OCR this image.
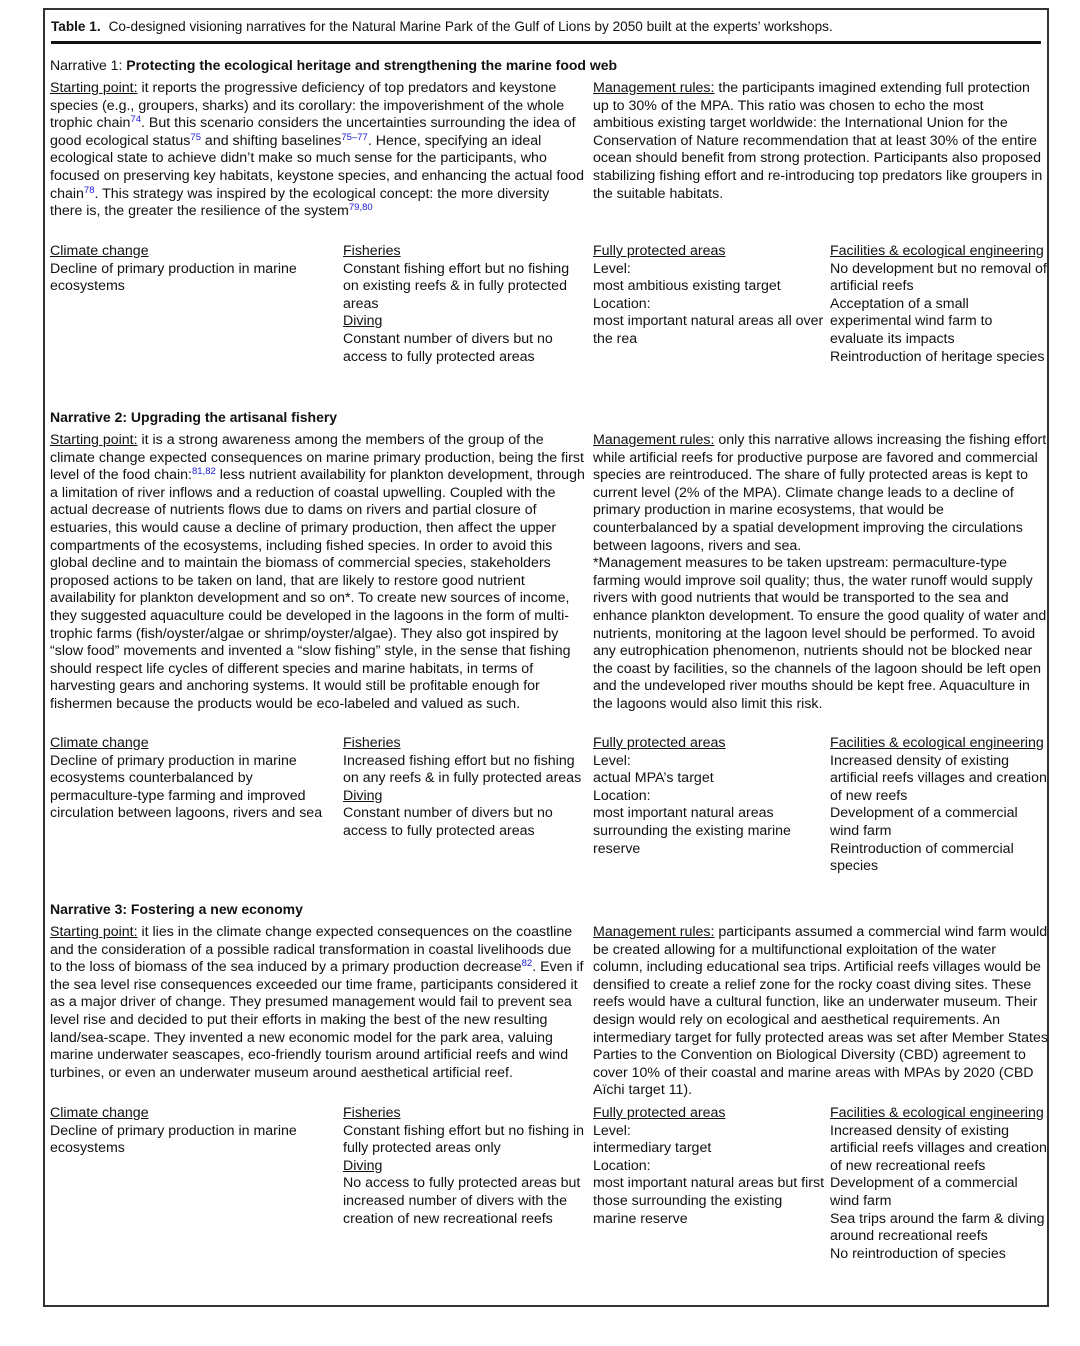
Table 1. Co-designed visioning narratives for the Natural Marine Park of the Gulf of Lions by 2050 built at the experts’ workshops.
Narrative 1: Protecting the ecological heritage and strengthening the marine food web
Starting point: it reports the progressive deficiency of top predators and keystone species (e.g., groupers, sharks) and its corollary: the impoverishment of the whole trophic chain$^{74}$. But this scenario considers the uncertainties surrounding the idea of good ecological status$^{75}$ and shifting baselines$^{75-77}$. Hence, specifying an ideal ecological state to achieve didn’t make so much sense for the participants, who focused on preserving key habitats, keystone species, and enhancing the actual food chain$^{78}$. This strategy was inspired by the ecological concept: the more diversity there is, the greater the resilience of the system$^{79,80}$
Management rules: the participants imagined extending full protection up to 30% of the MPA. This ratio was chosen to echo the most ambitious existing target worldwide: the International Union for the Conservation of Nature recommendation that at least 30% of the entire ocean should benefit from strong protection. Participants also proposed stabilizing fishing effort and re-introducing top predators like groupers in the suitable habitats.
Climate change
Decline of primary production in marine ecosystems
Fisheries
Constant fishing effort but no fishing on existing reefs & in fully protected areas
Diving
Constant number of divers but no access to fully protected areas
Fully protected areas
Level:
most ambitious existing target
Location:
most important natural areas all over the rea
Facilities & ecological engineering
No development but no removal of artificial reefs
Acceptation of a small experimental wind farm to evaluate its impacts
Reintroduction of heritage species
Narrative 2: Upgrading the artisanal fishery
Starting point: it is a strong awareness among the members of the group of the climate change expected consequences on marine primary production, being the first level of the food chain:$^{81,82}$ less nutrient availability for plankton development, through a limitation of river inflows and a reduction of coastal upwelling. Coupled with the actual decrease of nutrients flows due to dams on rivers and partial closure of estuaries, this would cause a decline of primary production, then affect the upper compartments of the ecosystems, including fished species. In order to avoid this global decline and to maintain the biomass of commercial species, stakeholders proposed actions to be taken on land, that are likely to restore good nutrient availability for plankton development and so on*. To create new sources of income, they suggested aquaculture could be developed in the lagoons in the form of multi-trophic farms (fish/oyster/algae or shrimp/oyster/algae). They also got inspired by “slow food” movements and invented a “slow fishing” style, in the sense that fishing should respect life cycles of different species and marine habitats, in terms of harvesting gears and anchoring systems. It would still be profitable enough for fishermen because the products would be eco-labeled and valued as such.
Management rules: only this narrative allows increasing the fishing effort while artificial reefs for productive purpose are favored and commercial species are reintroduced. The share of fully protected areas is kept to current level (2% of the MPA). Climate change leads to a decline of primary production in marine ecosystems, that would be counterbalanced by a spatial development improving the circulations between lagoons, rivers and sea.
*Management measures to be taken upstream: permaculture-type farming would improve soil quality; thus, the water runoff would supply rivers with good nutrients that would be transported to the sea and enhance plankton development. To ensure the good quality of water and nutrients, monitoring at the lagoon level should be performed. To avoid any eutrophication phenomenon, nutrients should not be blocked near the coast by facilities, so the channels of the lagoon should be left open and the undeveloped river mouths should be kept free. Aquaculture in the lagoons would also limit this risk.
Climate change
Decline of primary production in marine ecosystems counterbalanced by permaculture-type farming and improved circulation between lagoons, rivers and sea
Fisheries
Increased fishing effort but no fishing on any reefs & in fully protected areas
Diving
Constant number of divers but no access to fully protected areas
Fully protected areas
Level:
actual MPA’s target
Location:
most important natural areas surrounding the existing marine reserve
Facilities & ecological engineering
Increased density of existing artificial reefs villages and creation of new reefs
Development of a commercial wind farm
Reintroduction of commercial species
Narrative 3: Fostering a new economy
Starting point: it lies in the climate change expected consequences on the coastline and the consideration of a possible radical transformation in coastal livelihoods due to the loss of biomass of the sea induced by a primary production decrease$^{82}$. Even if the sea level rise consequences exceeded our time frame, participants considered it as a major driver of change. They presumed management would fail to prevent sea level rise and decided to put their efforts in making the best of the new resulting land/sea-scape. They invented a new economic model for the park area, valuing marine underwater seascapes, eco-friendly tourism around artificial reefs and wind turbines, or even an underwater museum around aesthetical artificial reef.
Management rules: participants assumed a commercial wind farm would be created allowing for a multifunctional exploitation of the water column, including educational sea trips. Artificial reefs villages would be densified to create a relief zone for the rocky coast diving sites. These reefs would have a cultural function, like an underwater museum. Their design would rely on ecological and aesthetical requirements. An intermediary target for fully protected areas was set after Member States Parties to the Convention on Biological Diversity (CBD) agreement to cover 10% of their coastal and marine areas with MPAs by 2020 (CBD Aïchi target 11).
Climate change
Decline of primary production in marine ecosystems
Fisheries
Constant fishing effort but no fishing in fully protected areas only
Diving
No access to fully protected areas but increased number of divers with the creation of new recreational reefs
Fully protected areas
Level:
intermediary target
Location:
most important natural areas but first those surrounding the existing marine reserve
Facilities & ecological engineering
Increased density of existing artificial reefs villages and creation of new recreational reefs
Development of a commercial wind farm
Sea trips around the farm & diving around recreational reefs
No reintroduction of species
